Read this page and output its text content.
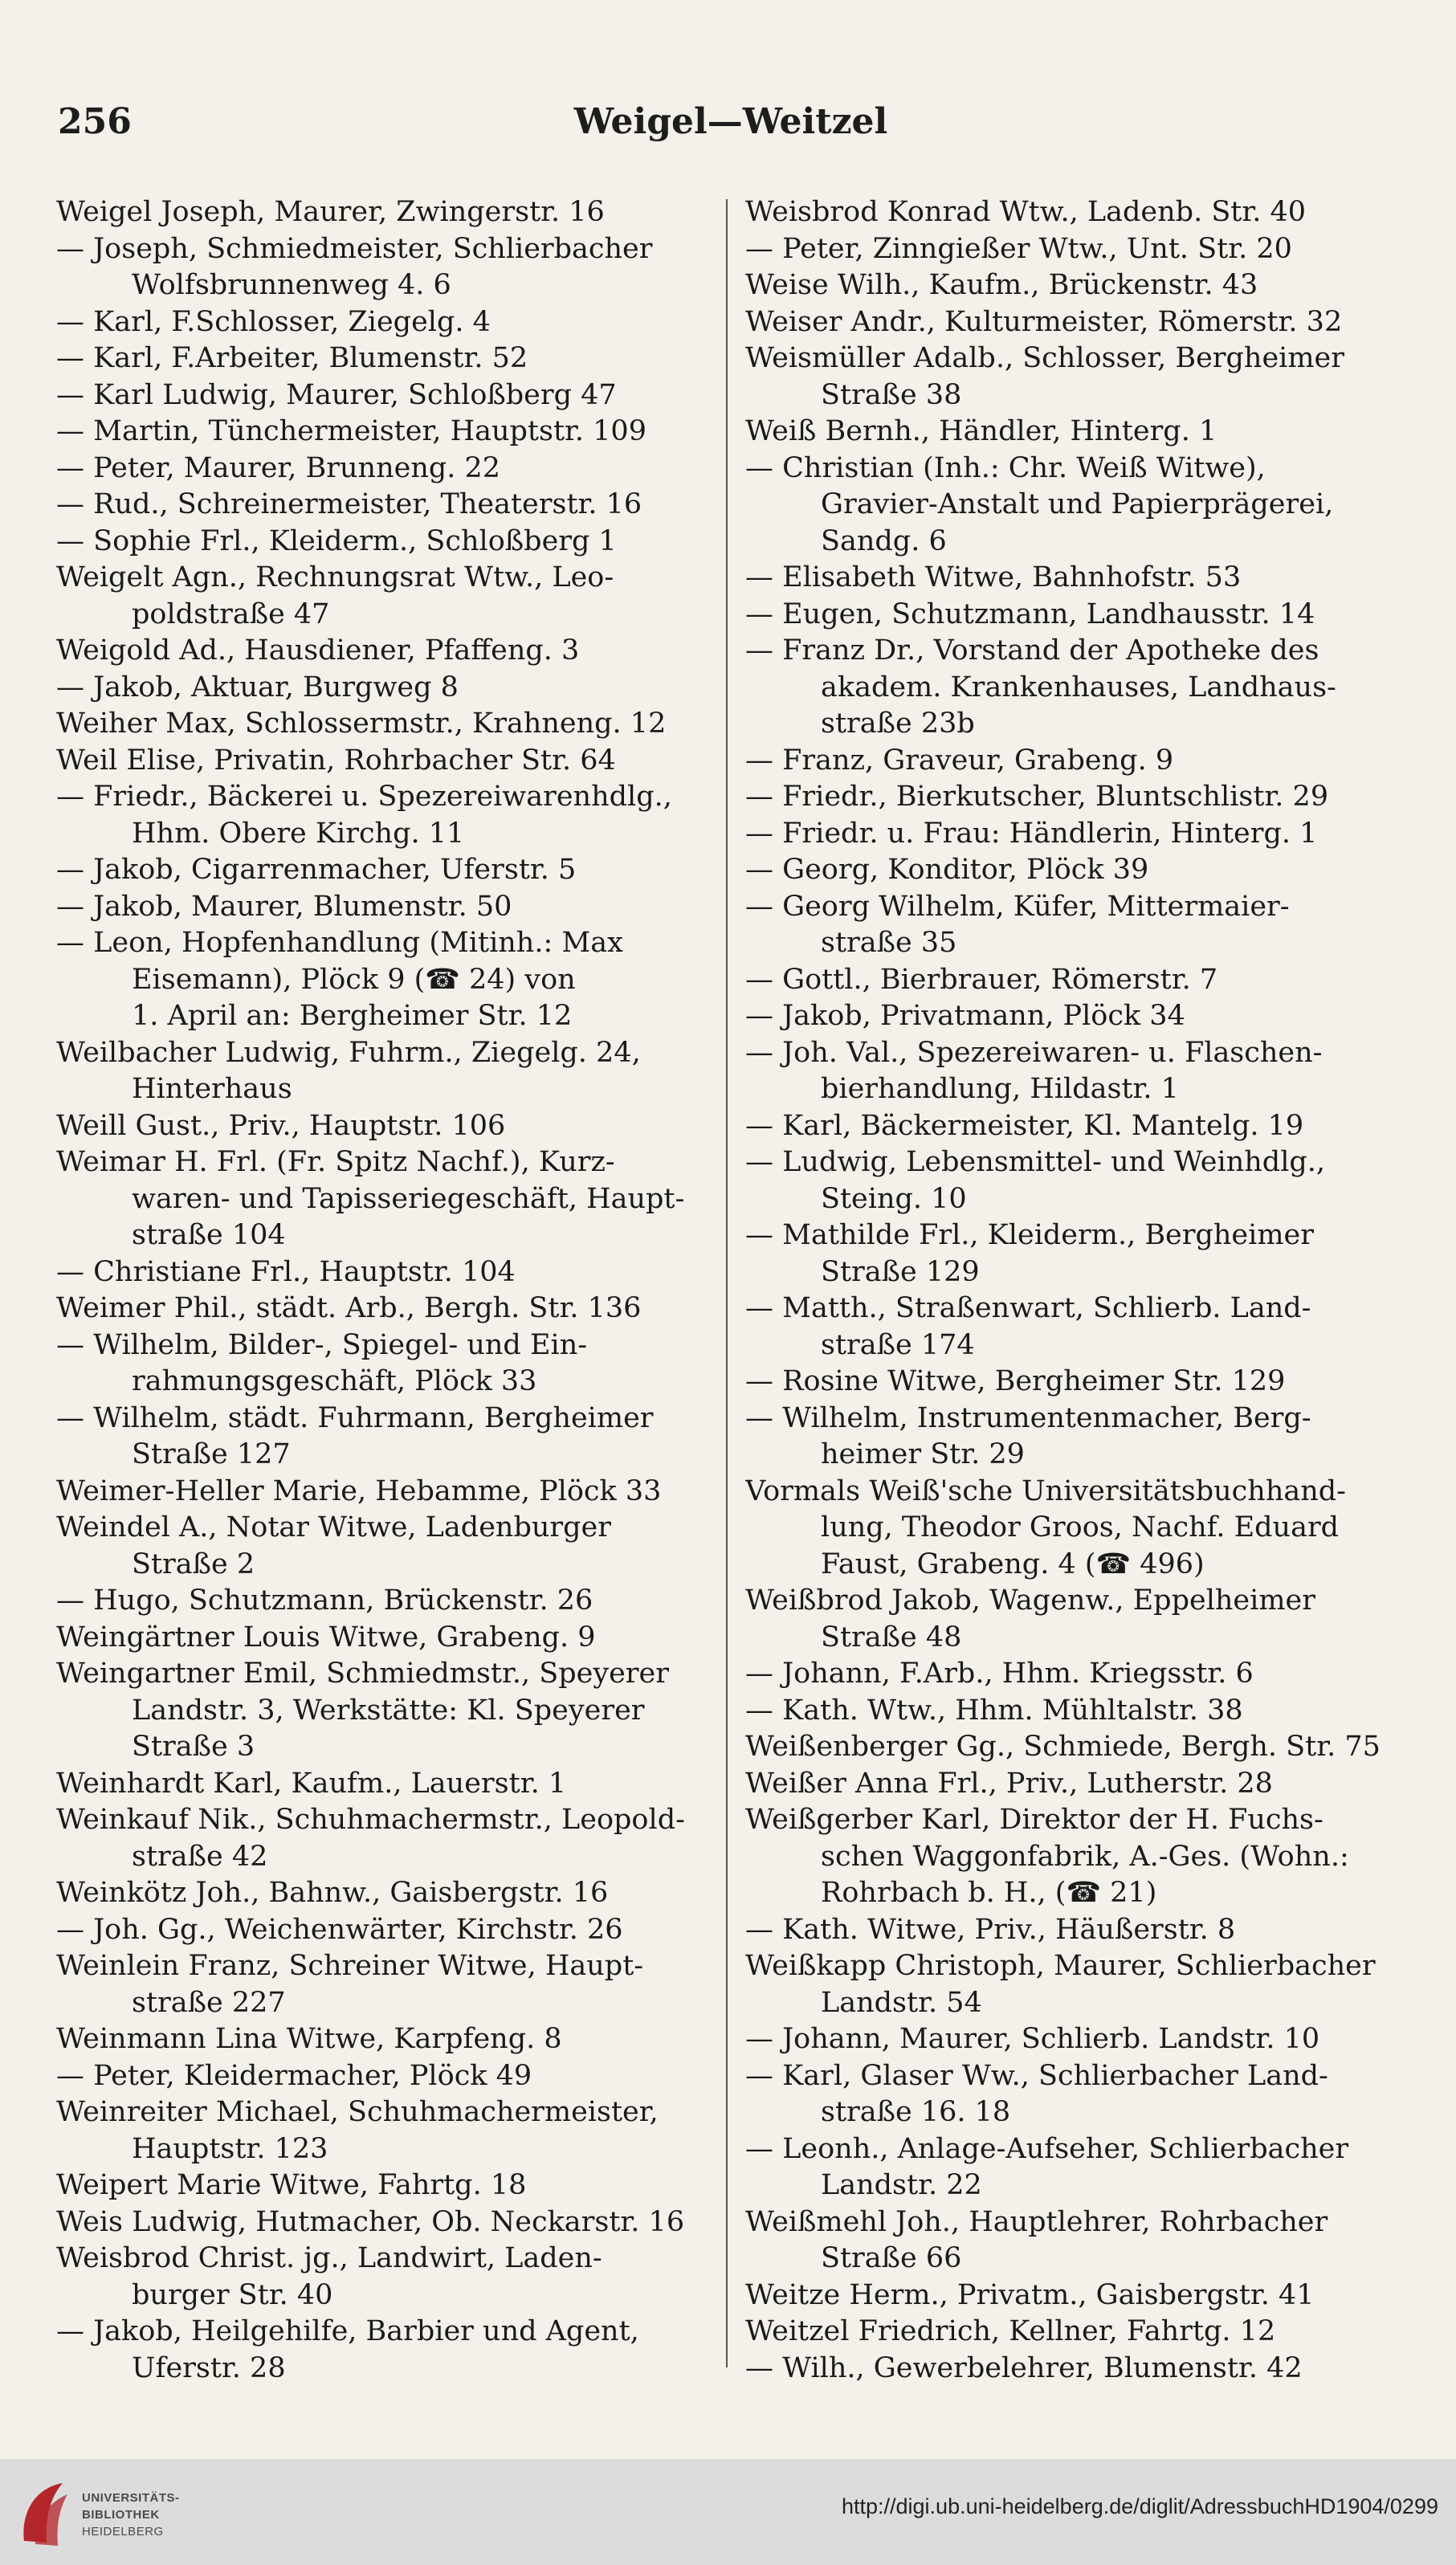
256	Weigel—Weitzel
Weigel Joseph, Maurer, Zwingerstr. 16
— Joseph, Schmiedmeister, Schlierbacher
Wolfsbrunnenweg 4. 6
— Karl, F.Schlosser, Ziegelg. 4
— Karl, F.Arbeiter, Blumenstr. 52
— Karl Ludwig, Maurer, Schloßberg 47
— Martin, Tünchermeister, Hauptstr. 109
— Peter, Maurer, Brunneng. 22
— Rud., Schreinermeister, Theaterstr. 16
— Sophie Frl., Kleiderm., Schloßberg 1
Weigelt Agn., Rechnungsrat Wtw., Leo-
poldstraße 47
Weigold Ad., Hausdiener, Pfaffeng. 3
— Jakob, Aktuar, Burgweg 8
Weiher Max, Schlossermstr., Krahneng. 12
Weil Elise, Privatin, Rohrbacher Str. 64
— Friedr., Bäckerei u. Spezereiwarenhdlg.,
Hhm. Obere Kirchg. 11
— Jakob, Cigarrenmacher, Uferstr. 5
— Jakob, Maurer, Blumenstr. 50
— Leon, Hopfenhandlung (Mitinh.: Max
Eisemann), Plöck 9 (☎ 24) von
1. April an: Bergheimer Str. 12
Weilbacher Ludwig, Fuhrm., Ziegelg. 24,
Hinterhaus
Weill Gust., Priv., Hauptstr. 106
Weimar H. Frl. (Fr. Spitz Nachf.), Kurz-
waren- und Tapisseriegeschäft, Haupt-
straße 104
— Christiane Frl., Hauptstr. 104
Weimer Phil., städt. Arb., Bergh. Str. 136
— Wilhelm, Bilder-, Spiegel- und Ein-
rahmungsgeschäft, Plöck 33
— Wilhelm, städt. Fuhrmann, Bergheimer
Straße 127
Weimer-Heller Marie, Hebamme, Plöck 33
Weindel A., Notar Witwe, Ladenburger
Straße 2
— Hugo, Schutzmann, Brückenstr. 26
Weingärtner Louis Witwe, Grabeng. 9
Weingartner Emil, Schmiedmstr., Speyerer
Landstr. 3, Werkstätte: Kl. Speyerer
Straße 3
Weinhardt Karl, Kaufm., Lauerstr. 1
Weinkauf Nik., Schuhmachermstr., Leopold-
straße 42
Weinkötz Joh., Bahnw., Gaisbergstr. 16
— Joh. Gg., Weichenwärter, Kirchstr. 26
Weinlein Franz, Schreiner Witwe, Haupt-
straße 227
Weinmann Lina Witwe, Karpfeng. 8
— Peter, Kleidermacher, Plöck 49
Weinreiter Michael, Schuhmachermeister,
Hauptstr. 123
Weipert Marie Witwe, Fahrtg. 18
Weis Ludwig, Hutmacher, Ob. Neckarstr. 16
Weisbrod Christ. jg., Landwirt, Laden-
burger Str. 40
— Jakob, Heilgehilfe, Barbier und Agent,
Uferstr. 28
Weisbrod Konrad Wtw., Ladenb. Str. 40
— Peter, Zinngießer Wtw., Unt. Str. 20
Weise Wilh., Kaufm., Brückenstr. 43
Weiser Andr., Kulturmeister, Römerstr. 32
Weismüller Adalb., Schlosser, Bergheimer
Straße 38
Weiß Bernh., Händler, Hinterg. 1
— Christian (Inh.: Chr. Weiß Witwe),
Gravier-Anstalt und Papierprägerei,
Sandg. 6
— Elisabeth Witwe, Bahnhofstr. 53
— Eugen, Schutzmann, Landhausstr. 14
— Franz Dr., Vorstand der Apotheke des
akadem. Krankenhauses, Landhaus-
straße 23b
— Franz, Graveur, Grabeng. 9
— Friedr., Bierkutscher, Bluntschlistr. 29
— Friedr. u. Frau: Händlerin, Hinterg. 1
— Georg, Konditor, Plöck 39
— Georg Wilhelm, Küfer, Mittermaier-
straße 35
— Gottl., Bierbrauer, Römerstr. 7
— Jakob, Privatmann, Plöck 34
— Joh. Val., Spezereiwaren- u. Flaschen-
bierhandlung, Hildastr. 1
— Karl, Bäckermeister, Kl. Mantelg. 19
— Ludwig, Lebensmittel- und Weinhdlg.,
Steing. 10
— Mathilde Frl., Kleiderm., Bergheimer
Straße 129
— Matth., Straßenwart, Schlierb. Land-
straße 174
— Rosine Witwe, Bergheimer Str. 129
— Wilhelm, Instrumentenmacher, Berg-
heimer Str. 29
Vormals Weiß'sche Universitätsbuchhand-
lung, Theodor Groos, Nachf. Eduard
Faust, Grabeng. 4 (☎ 496)
Weißbrod Jakob, Wagenw., Eppelheimer
Straße 48
— Johann, F.Arb., Hhm. Kriegsstr. 6
— Kath. Wtw., Hhm. Mühltalstr. 38
Weißenberger Gg., Schmiede, Bergh. Str. 75
Weißer Anna Frl., Priv., Lutherstr. 28
Weißgerber Karl, Direktor der H. Fuchs-
schen Waggonfabrik, A.-Ges. (Wohn.:
Rohrbach b. H., (☎ 21)
— Kath. Witwe, Priv., Häußerstr. 8
Weißkapp Christoph, Maurer, Schlierbacher
Landstr. 54
— Johann, Maurer, Schlierb. Landstr. 10
— Karl, Glaser Ww., Schlierbacher Land-
straße 16. 18
— Leonh., Anlage-Aufseher, Schlierbacher
Landstr. 22
Weißmehl Joh., Hauptlehrer, Rohrbacher
Straße 66
Weitze Herm., Privatm., Gaisbergstr. 41
Weitzel Friedrich, Kellner, Fahrtg. 12
— Wilh., Gewerbelehrer, Blumenstr. 42
UNIVERSITÄTS-
BIBLIOTHEK
HEIDELBERG
http://digi.ub.uni-heidelberg.de/diglit/AdressbuchHD1904/0299
